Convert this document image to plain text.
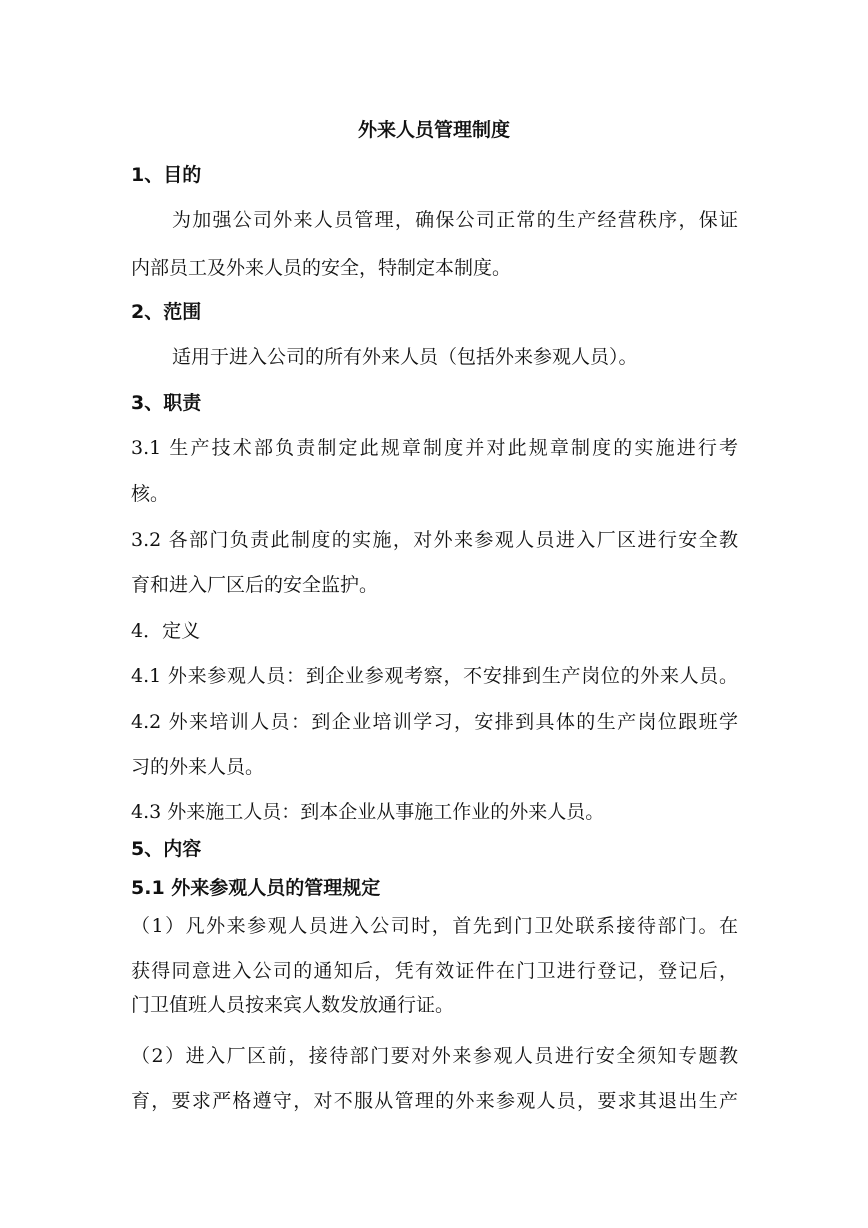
外来人员管理制度
1、目的
为加强公司外来人员管理，确保公司正常的生产经营秩序，保证
内部员工及外来人员的安全，特制定本制度。
2、范围
适用于进入公司的所有外来人员（包括外来参观人员）。
3、职责
3.1 生产技术部负责制定此规章制度并对此规章制度的实施进行考
核。
3.2 各部门负责此制度的实施，对外来参观人员进入厂区进行安全教
育和进入厂区后的安全监护。
4．定义
4.1 外来参观人员：到企业参观考察，不安排到生产岗位的外来人员。
4.2 外来培训人员：到企业培训学习，安排到具体的生产岗位跟班学
习的外来人员。
4.3 外来施工人员：到本企业从事施工作业的外来人员。
5、内容
5.1 外来参观人员的管理规定
（1）凡外来参观人员进入公司时，首先到门卫处联系接待部门。在
获得同意进入公司的通知后，凭有效证件在门卫进行登记，登记后，
门卫值班人员按来宾人数发放通行证。
（2）进入厂区前，接待部门要对外来参观人员进行安全须知专题教
育，要求严格遵守，对不服从管理的外来参观人员，要求其退出生产
